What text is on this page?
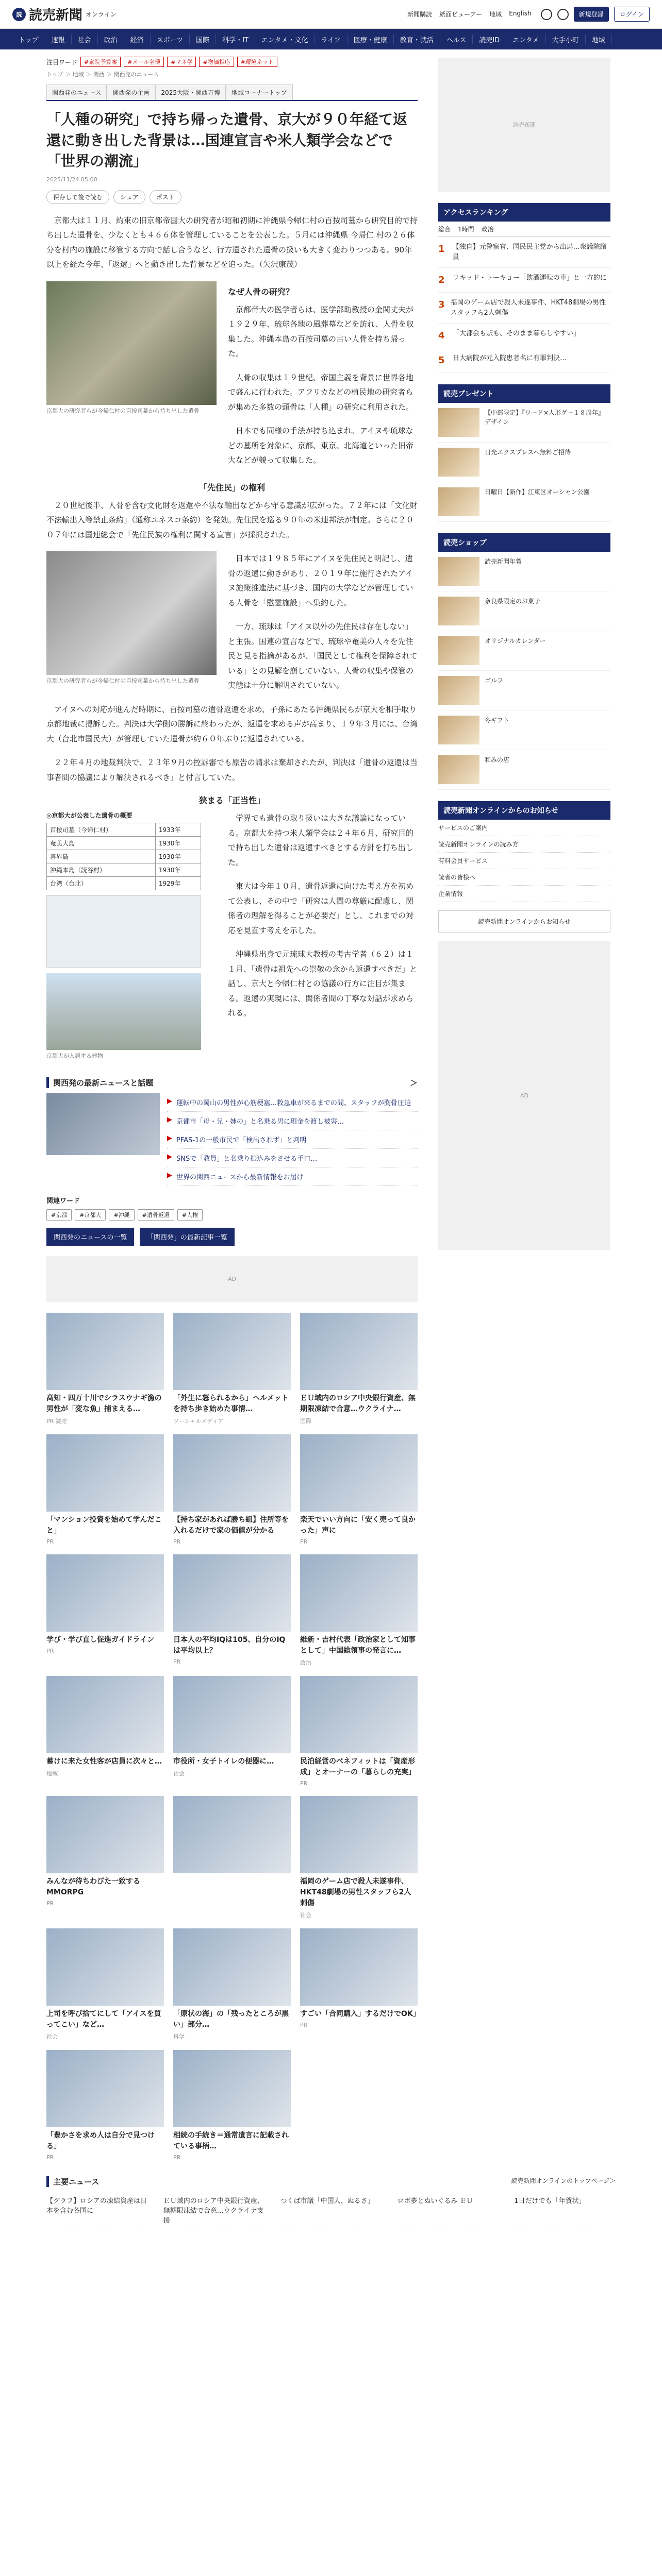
読 読売新聞 オンライン	新聞購読 紙面ビューアー 地域 English	新規登録	ログイン
トップ	速報	社会	政治	経済	スポーツ	国際	科学・IT	エンタメ・文化	ライフ	医療・健康	教育・就活	ヘルス	読売ID	エンタメ	大手小町	地域
注目ワード	#衆院予算案	#メール名簿	#マネ学	#物価相応	#環境ネット
トップ ＞ 地域 ＞ 関西 ＞ 関西発のニュース
関西発のニュース	関西発の企画	2025大阪・関西万博	地域コーナートップ
「人種の研究」で持ち帰った遺骨、京大が９０年経て返還に動き出した背景は…国連宣言や米人類学会などで「世界の潮流」
2025/11/24 05:00
保存して後で読む	シェア	ポスト

　京都大は１１月、約束の旧京都帝国大の研究者が昭和初期に沖縄県今帰仁村の百按司墓から研究目的で持ち出した遺骨を、少なくとも４６６体を管理していることを公表した。５月には沖縄県 今帰仁 村の２６体分を村内の施設に移管する方向で話し合うなど、行方遺された遺骨の扱いも大きく変わりつつある。90年以上を経た今年、「返還」へと動き出した背景などを追った。（矢沢康茂）

京都大の研究者らが今帰仁村の百按司墓から持ち出した遺骨
なぜ人骨の研究？

　京都帝大の医学者らは、医学部助教授の金関丈夫が１９２９年、琉球各地の風葬墓などを訪れ、人骨を収集した。沖縄本島の百按司墓の古い人骨を持ち帰った。

　人骨の収集は１９世紀、帝国主義を背景に世界各地で盛んに行われた。アフリカなどの植民地の研究者らが集めた多数の頭骨は「人種」の研究に利用された。

　日本でも同様の手法が持ち込まれ、アイヌや琉球などの墓所を対象に、京都、東京、北海道といった旧帝大などが競って収集した。

「先住民」の権利

　２０世紀後半、人骨を含む文化財を返還や不法な輸出などから守る意識が広がった。７２年には「文化財不法輸出入等禁止条約」（通称ユネスコ条約）を発効。先住民を巡る９０年の米連邦法が制定。さらに２００７年には国連総会で「先住民族の権利に関する宣言」が採択された。

京都大の研究者らが今帰仁村の百按司墓から持ち出した遺骨

　日本では１９８５年にアイヌを先住民と明記し、遺骨の返還に動きがあり、２０１９年に施行されたアイヌ施策推進法に基づき、国内の大学などが管理している人骨を「慰霊施設」へ集約した。

　一方、琉球は「アイヌ以外の先住民は存在しない」と主張。国連の宣言などで、琉球や奄美の人々を先住民と見る指摘があるが、「国民として権利を保障されている」との見解を崩していない。人骨の収集や保管の実態は十分に解明されていない。

　アイヌへの対応が進んだ時期に、百按司墓の遺骨返還を求め、子孫にあたる沖縄県民らが京大を相手取り京都地裁に提訴した。判決は大学側の勝訴に終わったが、返還を求める声が高まり、１９年３月には、台湾大（台北市国民大）が管理していた遺骨が約６０年ぶりに返還されている。

　２２年４月の地裁判決で、２３年９月の控訴審でも原告の請求は棄却されたが、判決は「遺骨の返還は当事者間の協議により解決されるべき」と付言していた。

狭まる「正当性」
◎京都大が公表した遺骨の概要
百按司墓（今帰仁村）	1933年
奄美大島	1930年
喜界島	1930年
沖縄本島（読谷村）	1930年
台湾（台北）	1929年
京都大が入居する建物

　学界でも遺骨の取り扱いは大きな議論になっている。京都大を持つ米人類学会は２４年６月、研究目的で持ち出した遺骨は返還すべきとする方針を打ち出した。

　東大は今年１０月、遺骨返還に向けた考え方を初めて公表し、その中で「研究は人間の尊厳に配慮し、関係者の理解を得ることが必要だ」とし、これまでの対応を見直す考えを示した。

　沖縄県出身で元琉球大教授の考古学者（６２）は１１月、「遺骨は祖先への崇敬の念から返還すべきだ」と話し、京大と今帰仁村との協議の行方に注目が集まる。返還の実現には、関係者間の丁寧な対話が求められる。

関西発の最新ニュースと話題	＞
▶ 運転中の岡山の男性が心筋梗塞…救急車が来るまでの間、スタッフが胸骨圧迫
▶ 京都市「母・兄・姉の」と名乗る男に現金を渡し被害…
▶ PFAS-1の一般市民で「検出されず」と判明
▶ SNSで「教員」と名乗り振込みをさせる手口…
▶ 世界の関西ニュースから最新情報をお届け
関連ワード
#京都	#京都大	#沖縄	#遺骨返還	#人権
関西発のニュースの一覧	「関西発」の最新記事一覧
AD
高知・四万十川でシラスウナギ漁の男性が「変な魚」捕まえる…
PR 読売
「外生に怒られるから」ヘルメットを持ち歩き始めた事情…
ソーシャルメディア
ＥＵ域内のロシア中央銀行資産、無期限凍結で合意…ウクライナ…
国際
「マンション投資を始めて学んだこと」
PR
【持ち家があれば勝ち組】住所等を入れるだけで家の価値が分かる
PR
楽天でいい方向に「安く売って良かった」声に
PR
学び・学び直し促進ガイドライン
PR
日本人の平均IQは105、自分のIQは平均以上？
PR
維新・吉村代表「政治家として知事として」中国総領事の発言に…
政治
蓄けに来た女性客が店員に次々と…
地域
市役所・女子トイレの便器に…
社会
民泊経営のベネフィットは「資産形成」とオーナーの「暮らしの充実」
PR
みんなが待ちわびた一致するMMORPG
PR
福岡のゲーム店で殺人未遂事件、HKT48劇場の男性スタッフら2人刺傷
社会
上司を呼び捨てにして「アイスを買ってこい」など…
社会
「原状の海」の「残ったところが黒い」部分…
科学
すごい「合同購入」するだけでOK」
PR
「豊かさを求め人は自分で見つける」
PR
相続の手続き＝通常遺言に記載されている事柄…
PR
読売新聞
アクセスランキング
総合 1時間 政治
1	【独自】元警察官、国民民主党から出馬…衆議院議員
2	リキッド・トーキョー「飲酒運転の車」と一方的に
3 福岡のゲーム店で殺人未遂事件、HKT48劇場の男性スタッフら2人刺傷
4	「大都会も駅も、そのまま暮らしやすい」
5	日大病院が元入院患者名に有罪判決…
読売プレゼント
【中部限定】『ワード×人形グー１８周年』デザイン
日光エクスプレスへ無料ご招待
日曜日【新作】江東区オーシャン公園
読売ショップ
読売新聞年賀
奈良県限定のお菓子
オリジナルカレンダー
ゴルフ
冬ギフト
和みの店
読売新聞オンラインからのお知らせ
サービスのご案内
読売新聞オンラインの読み方
有料会員サービス
読者の皆様へ
企業情報
読売新聞オンラインからお知らせ
AD
主要ニュース	読売新聞オンラインのトップページ＞
【グラフ】ロシアの凍結資産は日本を含む各国に
ＥＵ域内のロシア中央銀行資産、無期限凍結で合意…ウクライナ支援
つくば市議「中国人、ぬるさ」	ロボ夢とぬいぐるみ ＥＵ	1日だけでも「年賀状」
